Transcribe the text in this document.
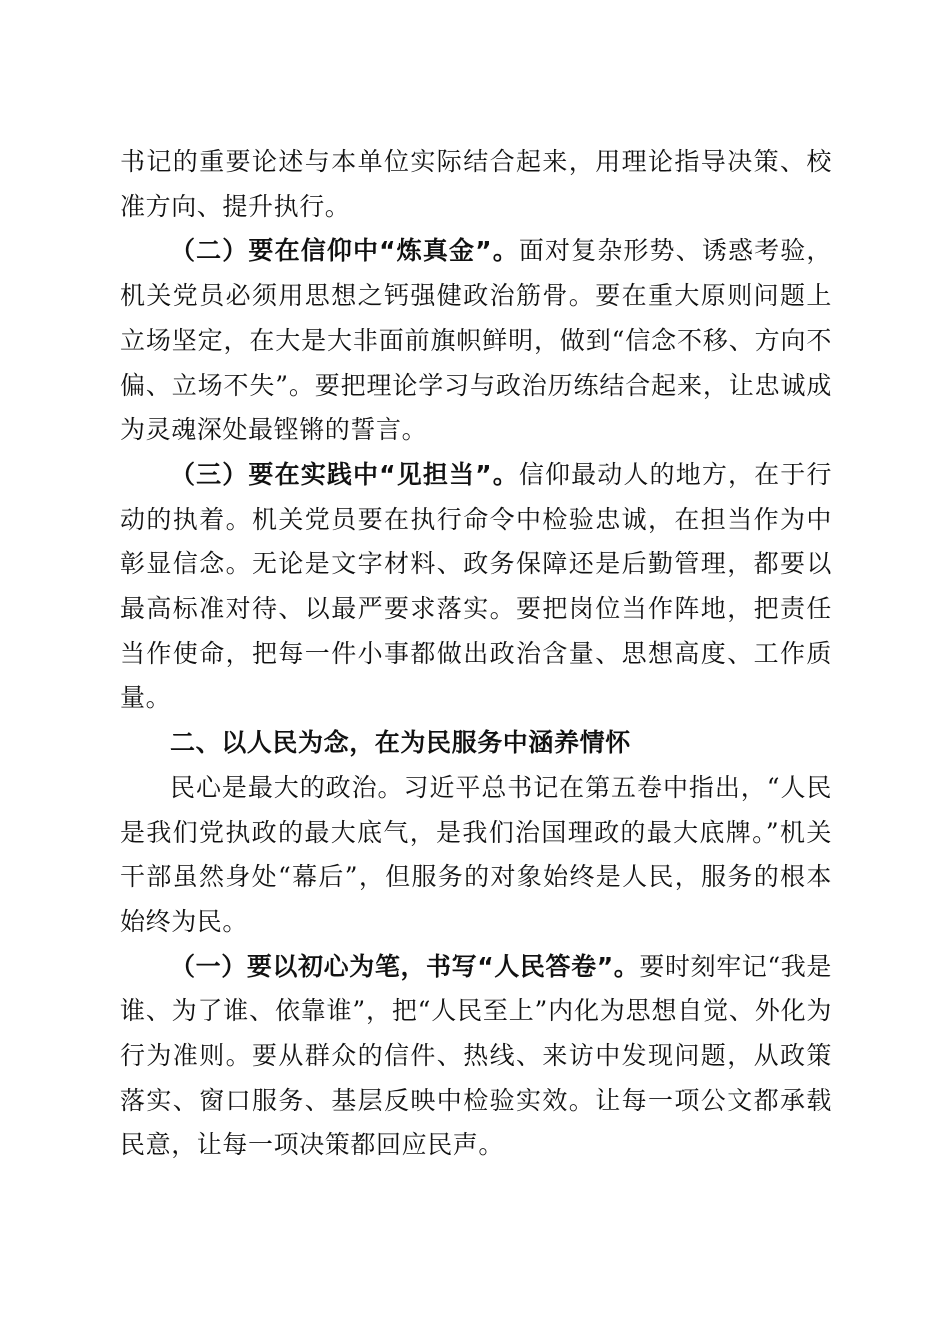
书记的重要论述与本单位实际结合起来，用理论指导决策、校准方向、提升执行。

（二）要在信仰中“炼真金”。面对复杂形势、诱惑考验，机关党员必须用思想之钙强健政治筋骨。要在重大原则问题上立场坚定，在大是大非面前旗帜鲜明，做到“信念不移、方向不偏、立场不失”。要把理论学习与政治历练结合起来，让忠诚成为灵魂深处最铿锵的誓言。

（三）要在实践中“见担当”。信仰最动人的地方，在于行动的执着。机关党员要在执行命令中检验忠诚，在担当作为中彰显信念。无论是文字材料、政务保障还是后勤管理，都要以最高标准对待、以最严要求落实。要把岗位当作阵地，把责任当作使命，把每一件小事都做出政治含量、思想高度、工作质量。

二、以人民为念，在为民服务中涵养情怀

民心是最大的政治。习近平总书记在第五卷中指出，“人民是我们党执政的最大底气，是我们治国理政的最大底牌。”机关干部虽然身处“幕后”，但服务的对象始终是人民，服务的根本始终为民。

（一）要以初心为笔，书写“人民答卷”。要时刻牢记“我是谁、为了谁、依靠谁”，把“人民至上”内化为思想自觉、外化为行为准则。要从群众的信件、热线、来访中发现问题，从政策落实、窗口服务、基层反映中检验实效。让每一项公文都承载民意，让每一项决策都回应民声。
